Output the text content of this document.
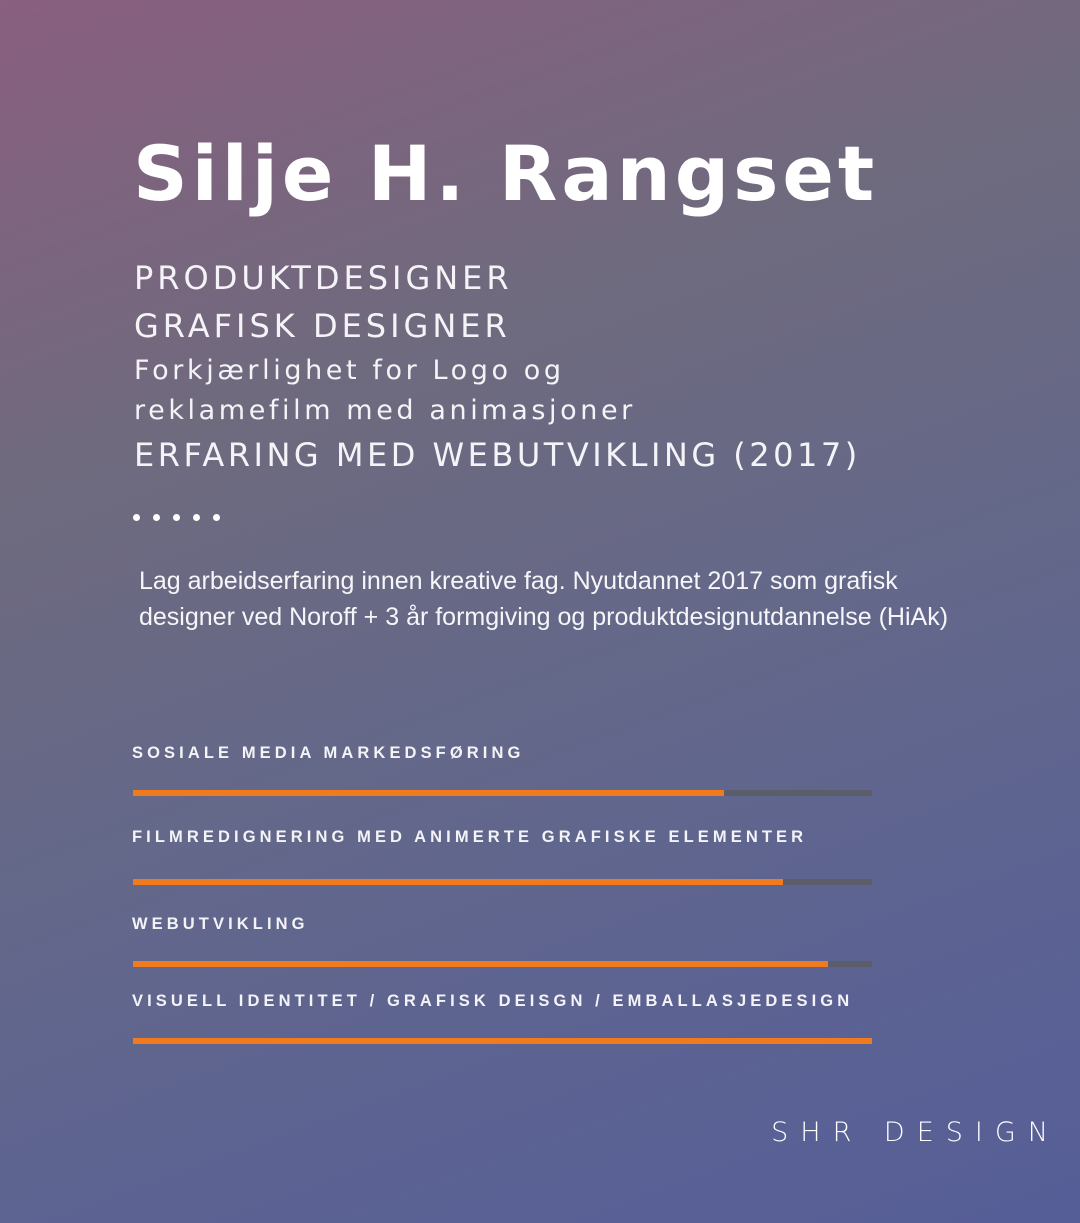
Silje H. Rangset

PRODUKTDESIGNER

GRAFISK DESIGNER

Forkjærlighet for Logo og

reklamefilm med animasjoner

ERFARING MED WEBUTVIKLING (2017)

Lag arbeidserfaring innen kreative fag. Nyutdannet 2017 som grafisk designer ved Noroff + 3 år formgiving og produktdesignutdannelse (HiAk)

SOSIALE MEDIA MARKEDSFØRING

FILMREDIGNERING MED ANIMERTE GRAFISKE ELEMENTER

WEBUTVIKLING

VISUELL IDENTITET / GRAFISK DEISGN / EMBALLASJEDESIGN

SHR DESIGN
